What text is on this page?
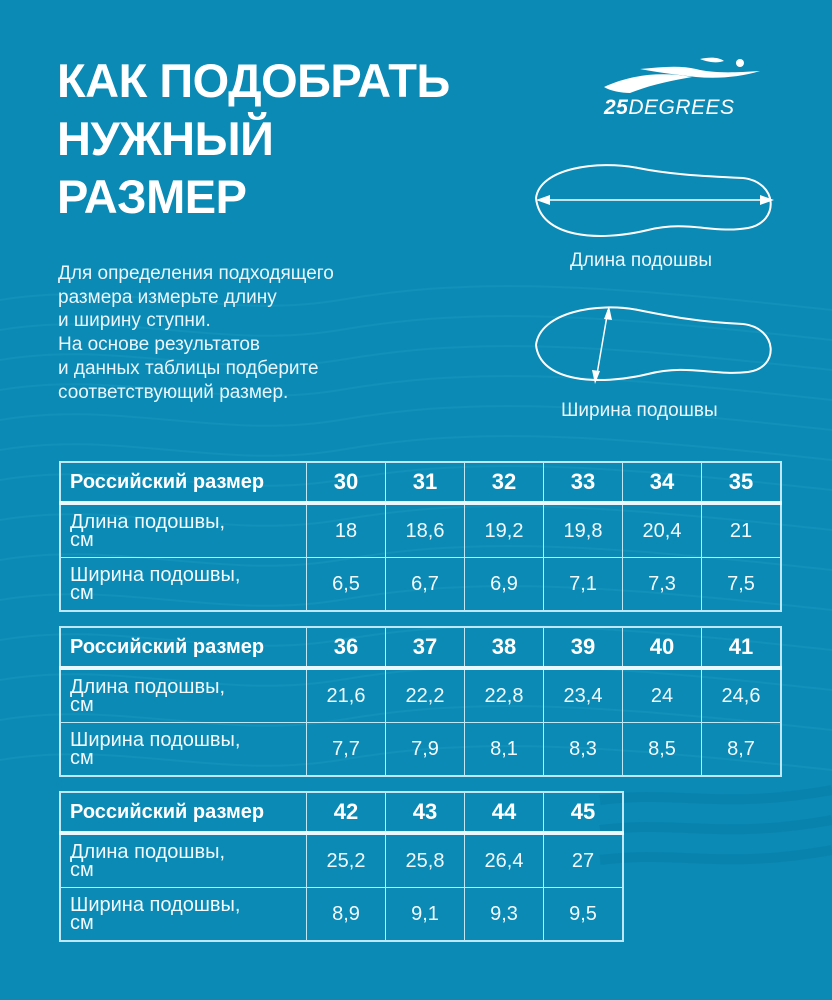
КАК ПОДОБРАТЬ
НУЖНЫЙ
РАЗМЕР
25DEGREES
Для определения подходящего
размера измерьте длину
и ширину ступни.
На основе результатов
и данных таблицы подберите
соответствующий размер.
Длина подошвы
Ширина подошвы
Российский размер	30	31	32	33	34	35
Длина подошвы,
см	18	18,6	19,2	19,8	20,4	21
Ширина подошвы,
см	6,5	6,7	6,9	7,1	7,3	7,5
Российский размер	36	37	38	39	40	41
Длина подошвы,
см	21,6	22,2	22,8	23,4	24	24,6
Ширина подошвы,
см	7,7	7,9	8,1	8,3	8,5	8,7
Российский размер	42	43	44	45
Длина подошвы,
см	25,2	25,8	26,4	27
Ширина подошвы,
см	8,9	9,1	9,3	9,5
